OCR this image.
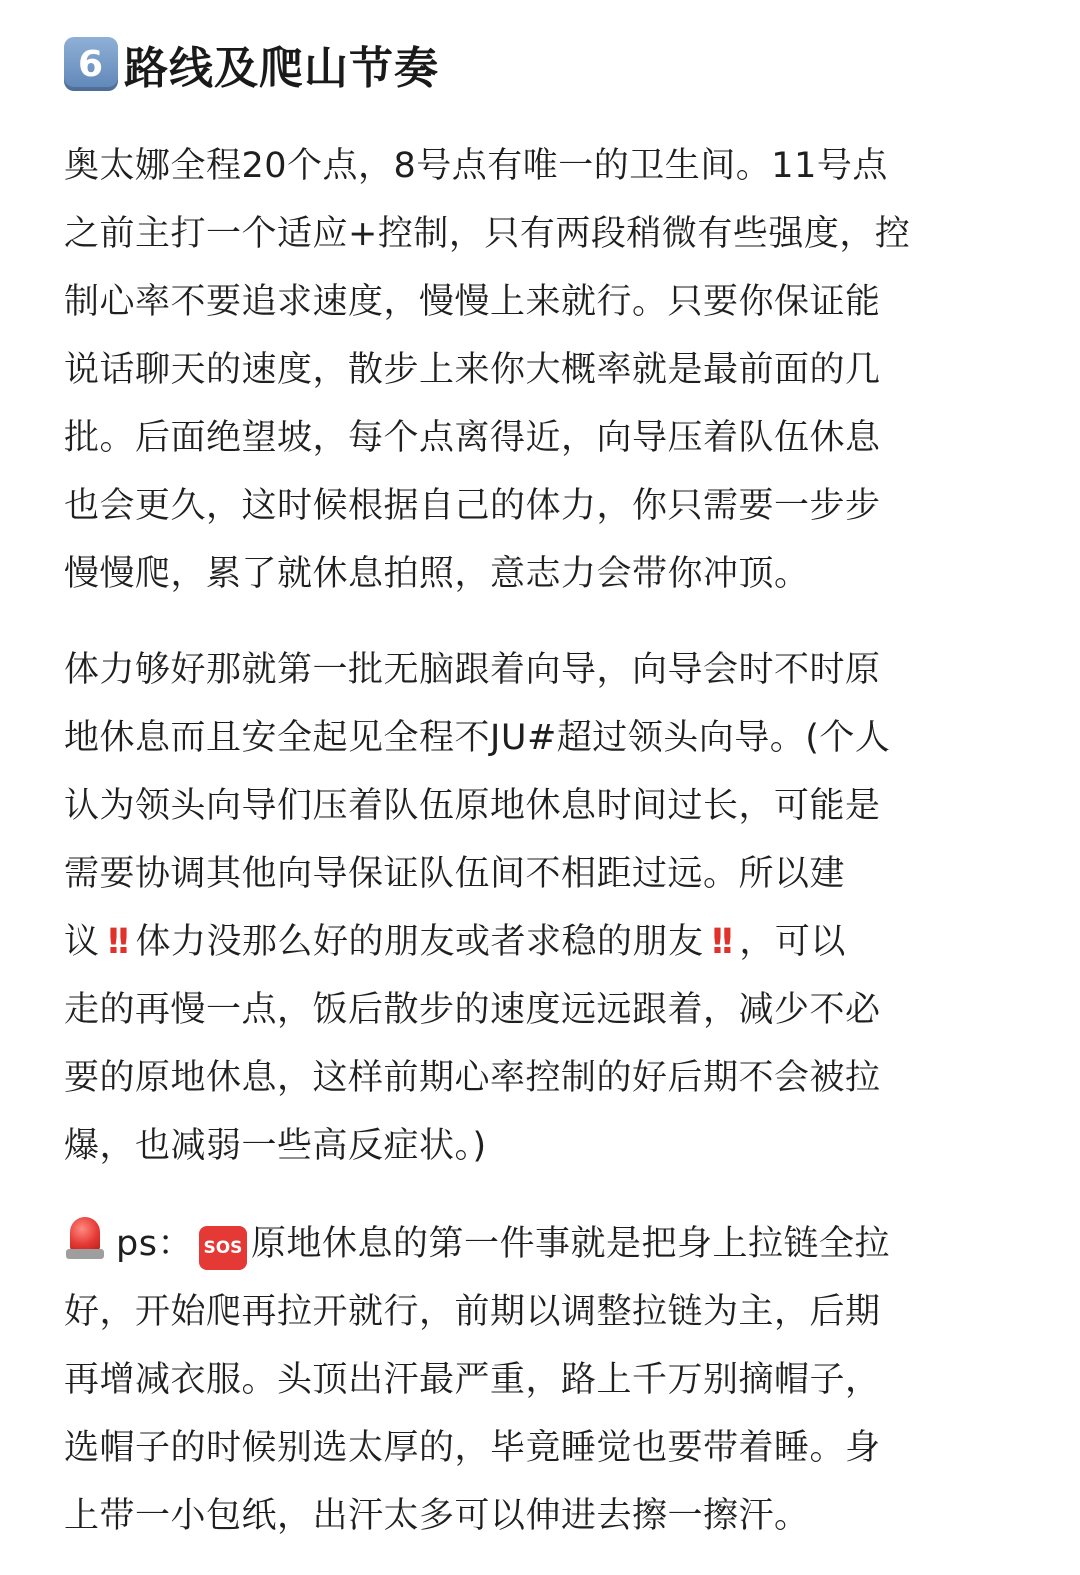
6 路线及爬山节奏
奥太娜全程20个点，8号点有唯一的卫生间。11号点
之前主打一个适应+控制，只有两段稍微有些强度，控
制心率不要追求速度，慢慢上来就行。只要你保证能
说话聊天的速度，散步上来你大概率就是最前面的几
批。后面绝望坡，每个点离得近，向导压着队伍休息
也会更久，这时候根据自己的体力，你只需要一步步
慢慢爬，累了就休息拍照，意志力会带你冲顶。
体力够好那就第一批无脑跟着向导，向导会时不时原
地休息而且安全起见全程不JU#超过领头向导。(个人
认为领头向导们压着队伍原地休息时间过长，可能是
需要协调其他向导保证队伍间不相距过远。所以建
议 !! 体力没那么好的朋友或者求稳的朋友 !! ，可以
走的再慢一点，饭后散步的速度远远跟着，减少不必
要的原地休息，这样前期心率控制的好后期不会被拉
爆，也减弱一些高反症状。)
ps： SOS 原地休息的第一件事就是把身上拉链全拉
好，开始爬再拉开就行，前期以调整拉链为主，后期
再增减衣服。头顶出汗最严重，路上千万别摘帽子，
选帽子的时候别选太厚的，毕竟睡觉也要带着睡。身
上带一小包纸，出汗太多可以伸进去擦一擦汗。
